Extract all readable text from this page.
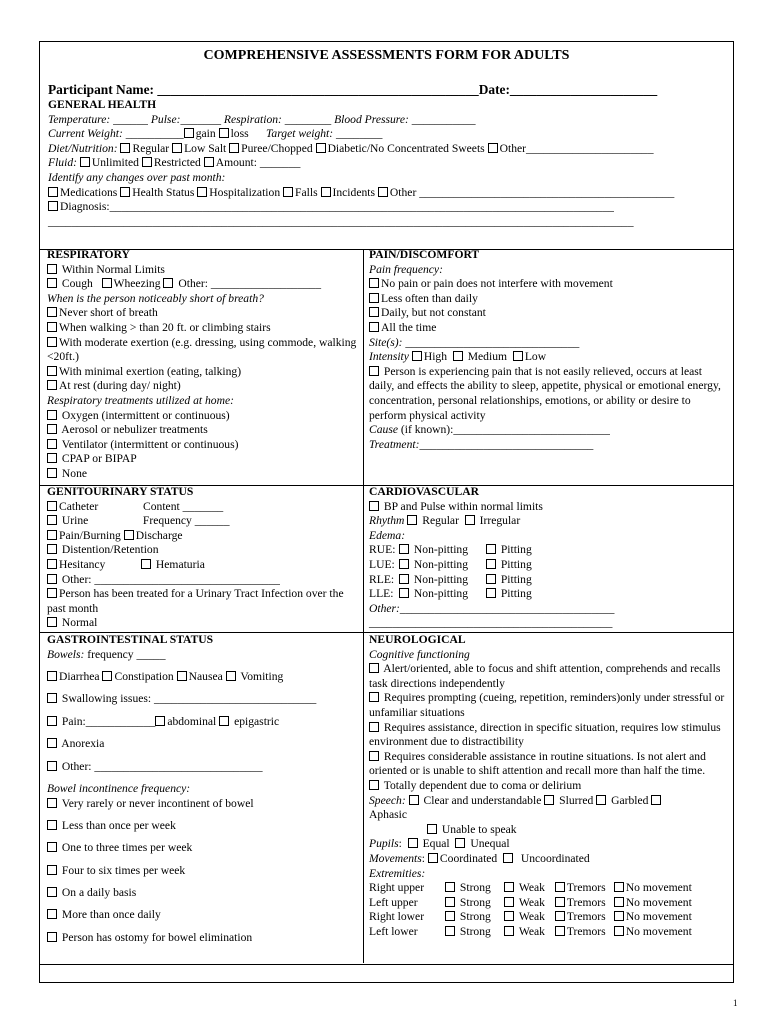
COMPREHENSIVE ASSESSMENTS FORM FOR ADULTS
Participant Name: ________________________________________________Date:______________________
GENERAL HEALTH
Temperature: ______ Pulse:_______ Respiration: ________ Blood Pressure: ___________
Current Weight: __________ gain loss Target weight: ________
Diet/Nutrition: Regular Low Salt Puree/Chopped Diabetic/No Concentrated Sweets Other______________________
Fluid: Unlimited Restricted Amount: _______
Identify any changes over past month:
Medications Health Status Hospitalization Falls Incidents Other ____________________________________________
Diagnosis:_______________________________________________________________________________________
_____________________________________________________________________________________________________
RESPIRATORY
Within Normal Limits
Cough Wheezing Other: ___________________
When is the person noticeably short of breath?
Never short of breath
When walking > than 20 ft. or climbing stairs
With moderate exertion (e.g. dressing, using commode, walking <20ft.)
With minimal exertion (eating, talking)
At rest (during day/ night)
Respiratory treatments utilized at home:
Oxygen (intermittent or continuous)
Aerosol or nebulizer treatments
Ventilator (intermittent or continuous)
CPAP or BIPAP
None
PAIN/DISCOMFORT
Pain frequency:
No pain or pain does not interfere with movement
Less often than daily
Daily, but not constant
All the time
Site(s): ______________________________
Intensity High Medium Low
Person is experiencing pain that is not easily relieved, occurs at least daily, and effects the ability to sleep, appetite, physical or emotional energy, concentration, personal relationships, emotions, or ability or desire to perform physical activity
Cause (if known):___________________________
Treatment:______________________________
GENITOURINARY STATUS
Catheter	Content _______
Urine	Frequency ______
Pain/Burning Discharge
Distention/Retention
Hesitancy	Hematuria
Other: ________________________________
Person has been treated for a Urinary Tract Infection over the past month
Normal
CARDIOVASCULAR
BP and Pulse within normal limits
Rhythm Regular Irregular
Edema:
RUE: Non-pitting	Pitting
LUE: Non-pitting	Pitting
RLE: Non-pitting	Pitting
LLE: Non-pitting	Pitting
Other:_____________________________________
__________________________________________
GASTROINTESTINAL STATUS
Bowels: frequency _____
Diarrhea Constipation Nausea Vomiting
Swallowing issues: ____________________________
Pain:____________ abdominal epigastric
Anorexia
Other: _____________________________
Bowel incontinence frequency:
Very rarely or never incontinent of bowel
Less than once per week
One to three times per week
Four to six times per week
On a daily basis
More than once daily
Person has ostomy for bowel elimination
NEUROLOGICAL
Cognitive functioning
Alert/oriented, able to focus and shift attention, comprehends and recalls task directions independently
Requires prompting (cueing, repetition, reminders)only under stressful or unfamiliar situations
Requires assistance, direction in specific situation, requires low stimulus environment due to distractibility
Requires considerable assistance in routine situations. Is not alert and oriented or is unable to shift attention and recall more than half the time.
Totally dependent due to coma or delirium
Speech: Clear and understandable Slurred Garbled
Aphasic
Unable to speak
Pupils:   Equal Unequal
Movements: Coordinated Uncoordinated
Extremities:
Right upper	Strong Weak Tremors No movement
Left upper	Strong Weak Tremors No movement
Right lower	Strong Weak Tremors No movement
Left lower	Strong Weak Tremors No movement
1
